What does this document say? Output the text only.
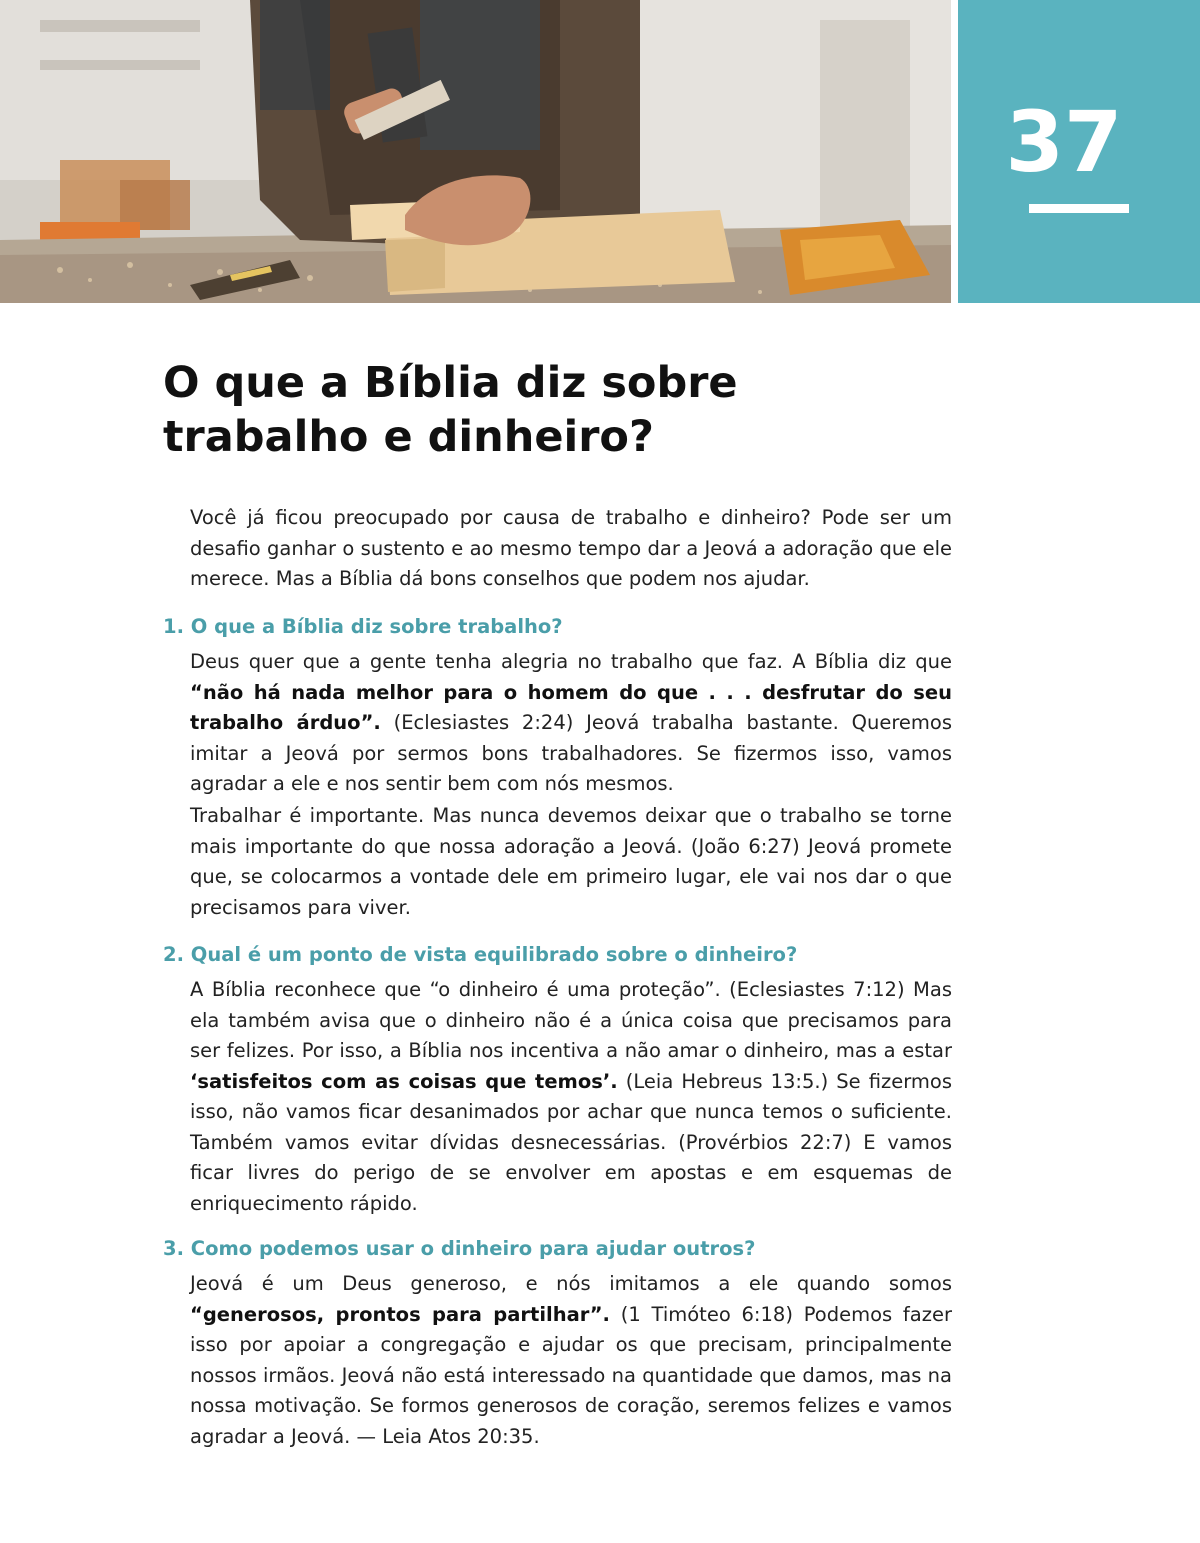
37
O que a Bíblia diz sobre trabalho e dinheiro?

Você já ficou preocupado por causa de trabalho e dinheiro? Pode ser um desafio ganhar o sustento e ao mesmo tempo dar a Jeová a adoração que ele merece. Mas a Bíblia dá bons conselhos que podem nos ajudar.

1. O que a Bíblia diz sobre trabalho?

Deus quer que a gente tenha alegria no trabalho que faz. A Bíblia diz que “não há nada melhor para o homem do que . . . desfrutar do seu trabalho árduo”. (Eclesiastes 2:24) Jeová trabalha bastante. Queremos imitar a Jeová por sermos bons trabalhadores. Se fizermos isso, vamos agradar a ele e nos sentir bem com nós mesmos.

Trabalhar é importante. Mas nunca devemos deixar que o trabalho se torne mais importante do que nossa adoração a Jeová. (João 6:27) Jeová promete que, se colocarmos a vontade dele em primeiro lugar, ele vai nos dar o que precisamos para viver.

2. Qual é um ponto de vista equilibrado sobre o dinheiro?

A Bíblia reconhece que “o dinheiro é uma proteção”. (Eclesiastes 7:12) Mas ela também avisa que o dinheiro não é a única coisa que precisamos para ser felizes. Por isso, a Bíblia nos incentiva a não amar o dinheiro, mas a estar ‘satisfeitos com as coisas que temos’. (Leia Hebreus 13:5.) Se fizermos isso, não vamos ficar desanimados por achar que nunca temos o suficiente. Também vamos evitar dívidas desnecessárias. (Provérbios 22:7) E vamos ficar livres do perigo de se envolver em apostas e em esquemas de enriquecimento rápido.

3. Como podemos usar o dinheiro para ajudar outros?

Jeová é um Deus generoso, e nós imitamos a ele quando somos “generosos, prontos para partilhar”. (1 Timóteo 6:18) Podemos fazer isso por apoiar a congregação e ajudar os que precisam, principalmente nossos irmãos. Jeová não está interessado na quantidade que damos, mas na nossa motivação. Se formos generosos de coração, seremos felizes e vamos agradar a Jeová. — Leia Atos 20:35.
